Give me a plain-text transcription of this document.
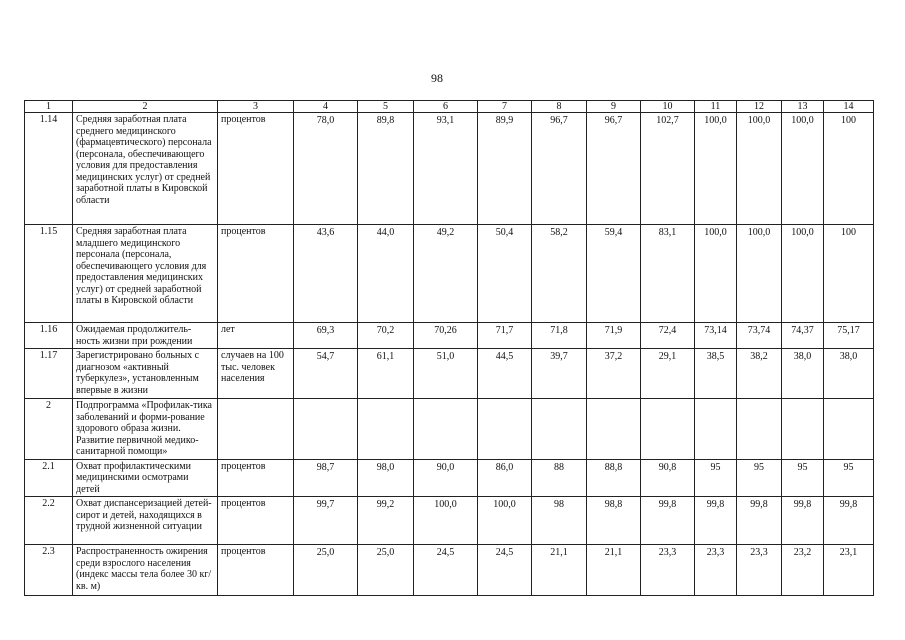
98
1	2	3	4	5	6	7	8	9	10	11	12	13	14
1.14	Средняя заработная плата среднего медицинского (фармацевтического) персонала (персонала, обеспечивающего условия для предоставления медицинских услуг) от средней заработной платы в Кировской области	процентов	78,0	89,8	93,1	89,9	96,7	96,7	102,7	100,0	100,0	100,0	100
1.15	Средняя заработная плата младшего медицинского персонала (персонала, обеспечивающего условия для предоставления медицинских услуг) от средней заработной платы в Кировской области	процентов	43,6	44,0	49,2	50,4	58,2	59,4	83,1	100,0	100,0	100,0	100
1.16	Ожидаемая продолжитель-ность жизни при рождении	лет	69,3	70,2	70,26	71,7	71,8	71,9	72,4	73,14	73,74	74,37	75,17
1.17	Зарегистрировано больных с диагнозом «активный туберкулез», установленным впервые в жизни	случаев на 100 тыс. человек населения	54,7	61,1	51,0	44,5	39,7	37,2	29,1	38,5	38,2	38,0	38,0
2	Подпрограмма «Профилак-тика заболеваний и форми-рование здорового образа жизни. Развитие первичной медико-санитарной помощи»												
2.1	Охват профилактическими медицинскими осмотрами детей	процентов	98,7	98,0	90,0	86,0	88	88,8	90,8	95	95	95	95
2.2	Охват диспансеризацией детей-сирот и детей, находящихся в трудной жизненной ситуации	процентов	99,7	99,2	100,0	100,0	98	98,8	99,8	99,8	99,8	99,8	99,8
2.3	Распространенность ожирения среди взрослого населения (индекс массы тела более 30 кг/кв. м)	процентов	25,0	25,0	24,5	24,5	21,1	21,1	23,3	23,3	23,3	23,2	23,1
